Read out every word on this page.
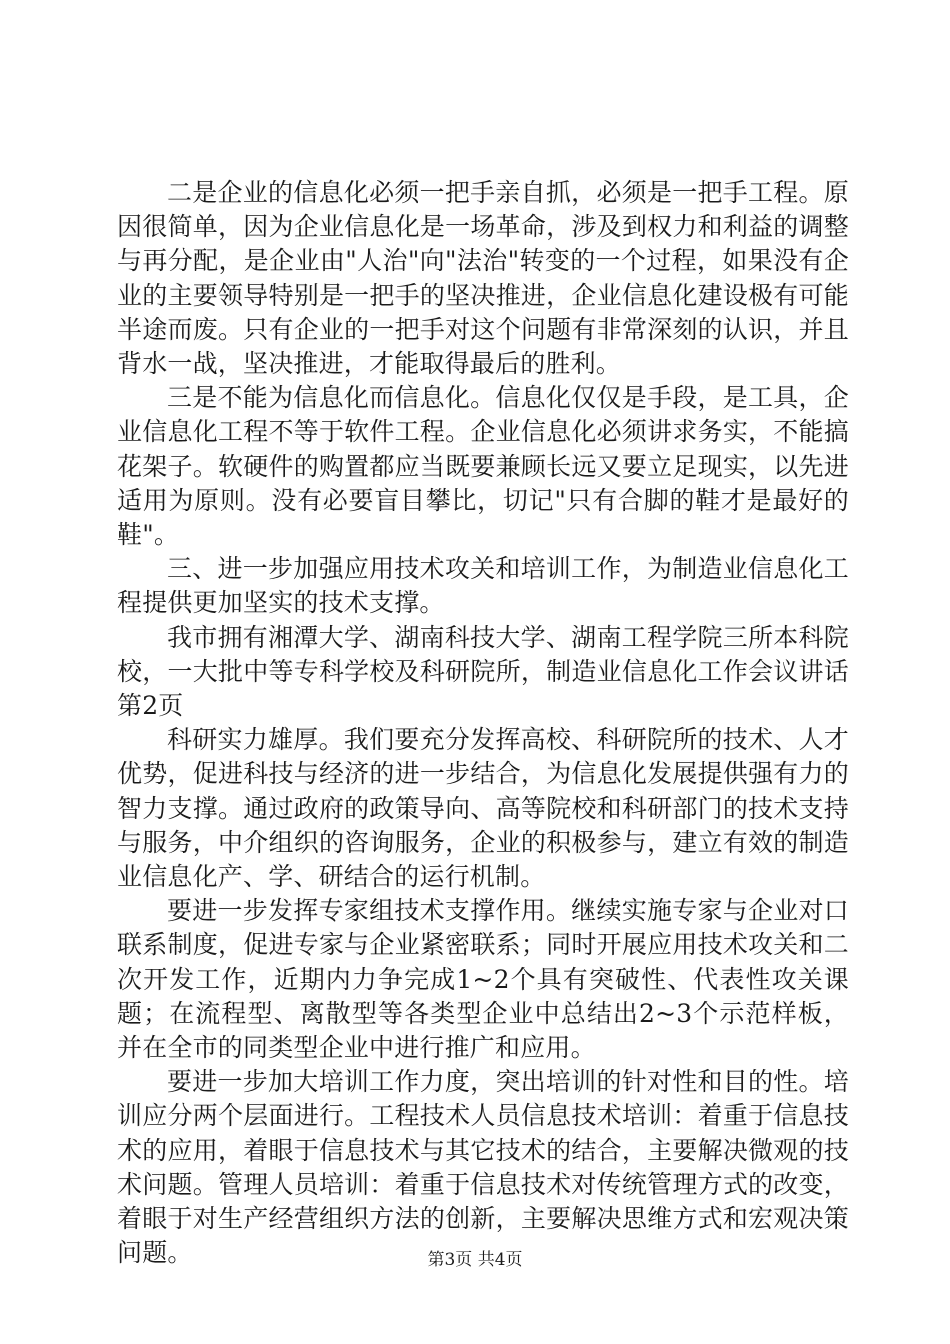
二是企业的信息化必须一把手亲自抓，必须是一把手工程。原因很简单，因为企业信息化是一场革命，涉及到权力和利益的调整与再分配，是企业由"人治"向"法治"转变的一个过程，如果没有企业的主要领导特别是一把手的坚决推进，企业信息化建设极有可能半途而废。只有企业的一把手对这个问题有非常深刻的认识，并且背水一战，坚决推进，才能取得最后的胜利。

三是不能为信息化而信息化。信息化仅仅是手段，是工具，企业信息化工程不等于软件工程。企业信息化必须讲求务实，不能搞花架子。软硬件的购置都应当既要兼顾长远又要立足现实，以先进适用为原则。没有必要盲目攀比，切记"只有合脚的鞋才是最好的鞋"。

三、进一步加强应用技术攻关和培训工作，为制造业信息化工程提供更加坚实的技术支撑。

我市拥有湘潭大学、湖南科技大学、湖南工程学院三所本科院校，一大批中等专科学校及科研院所，制造业信息化工作会议讲话第2页

科研实力雄厚。我们要充分发挥高校、科研院所的技术、人才优势，促进科技与经济的进一步结合，为信息化发展提供强有力的智力支撑。通过政府的政策导向、高等院校和科研部门的技术支持与服务，中介组织的咨询服务，企业的积极参与，建立有效的制造业信息化产、学、研结合的运行机制。

要进一步发挥专家组技术支撑作用。继续实施专家与企业对口联系制度，促进专家与企业紧密联系；同时开展应用技术攻关和二次开发工作，近期内力争完成1~2个具有突破性、代表性攻关课题；在流程型、离散型等各类型企业中总结出2~3个示范样板，并在全市的同类型企业中进行推广和应用。

要进一步加大培训工作力度，突出培训的针对性和目的性。培训应分两个层面进行。工程技术人员信息技术培训：着重于信息技术的应用，着眼于信息技术与其它技术的结合，主要解决微观的技术问题。管理人员培训：着重于信息技术对传统管理方式的改变，着眼于对生产经营组织方法的创新，主要解决思维方式和宏观决策问题。	第3页 共4页
